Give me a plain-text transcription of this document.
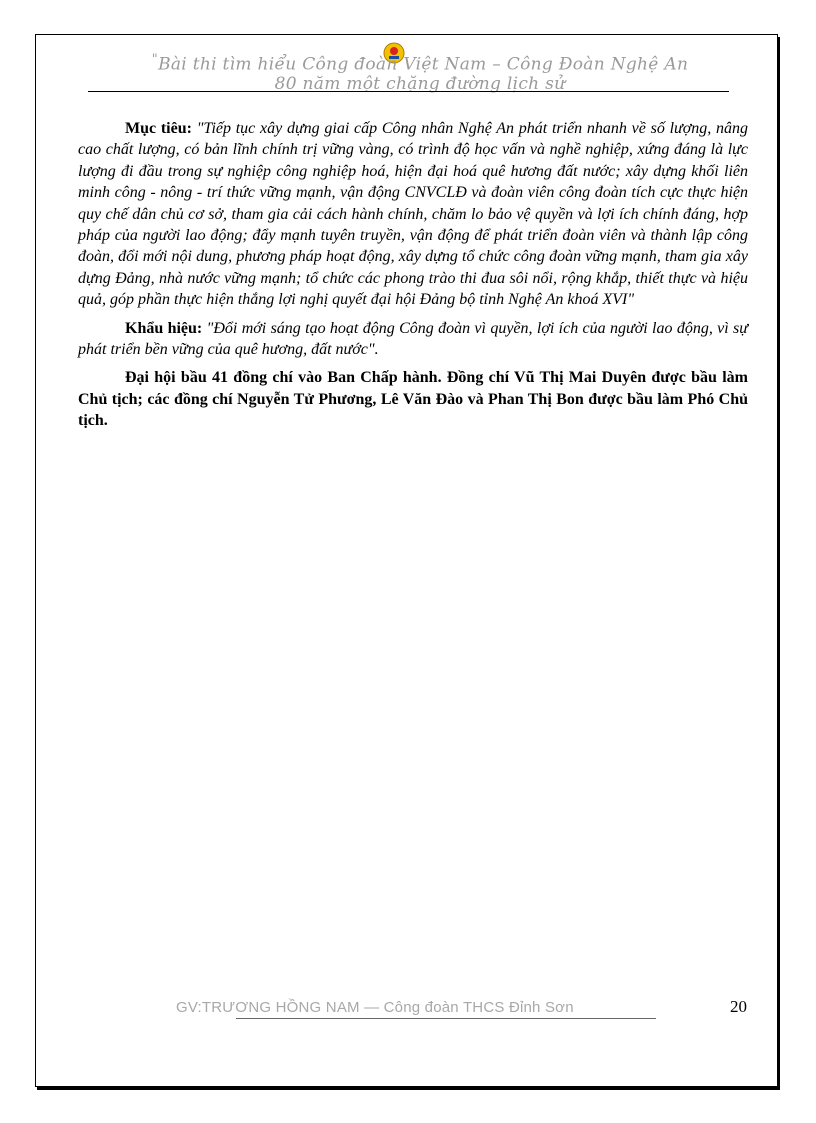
"Bài thi tìm hiểu Công đoàn Việt Nam – Công Đoàn Nghệ An
80 năm một chặng đường lịch sử

Mục tiêu: "Tiếp tục xây dựng giai cấp Công nhân Nghệ An phát triển nhanh về số lượng, nâng cao chất lượng, có bản lĩnh chính trị vững vàng, có trình độ học vấn và nghề nghiệp, xứng đáng là lực lượng đi đầu trong sự nghiệp công nghiệp hoá, hiện đại hoá quê hương đất nước; xây dựng khối liên minh công - nông - trí thức vững mạnh, vận động CNVCLĐ và đoàn viên công đoàn tích cực thực hiện quy chế dân chủ cơ sở, tham gia cải cách hành chính, chăm lo bảo vệ quyền và lợi ích chính đáng, hợp pháp của người lao động; đẩy mạnh tuyên truyền, vận động để phát triển đoàn viên và thành lập công đoàn, đổi mới nội dung, phương pháp hoạt động, xây dựng tổ chức công đoàn vững mạnh, tham gia xây dựng Đảng, nhà nước vững mạnh; tổ chức các phong trào thi đua sôi nổi, rộng khắp, thiết thực và hiệu quả, góp phần thực hiện thắng lợi nghị quyết đại hội Đảng bộ tỉnh Nghệ An khoá XVI"

Khẩu hiệu: "Đổi mới sáng tạo hoạt động Công đoàn vì quyền, lợi ích của người lao động, vì sự phát triển bền vững của quê hương, đất nước".

Đại hội bầu 41 đồng chí vào Ban Chấp hành. Đồng chí Vũ Thị Mai Duyên được bầu làm Chủ tịch; các đồng chí Nguyễn Tử Phương, Lê Văn Đào và Phan Thị Bon được bầu làm Phó Chủ tịch.

GV:TRƯƠNG HỒNG NAM — Công đoàn THCS Đỉnh Sơn	20
